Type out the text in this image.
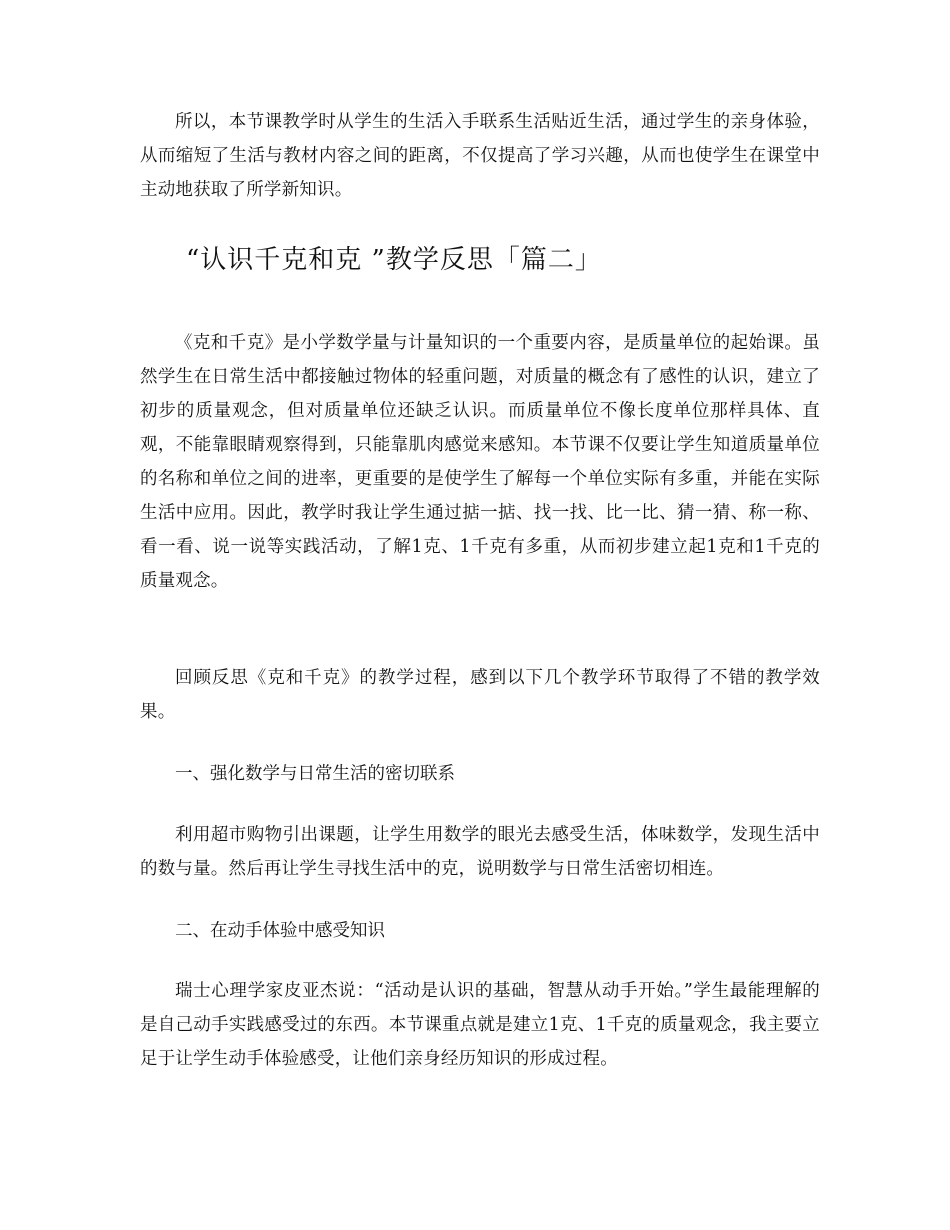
所以，本节课教学时从学生的生活入手联系生活贴近生活，通过学生的亲身体验，从而缩短了生活与教材内容之间的距离，不仅提高了学习兴趣，从而也使学生在课堂中主动地获取了所学新知识。

“认识千克和克 ”教学反思「篇二」

《克和千克》是小学数学量与计量知识的一个重要内容，是质量单位的起始课。虽然学生在日常生活中都接触过物体的轻重问题，对质量的概念有了感性的认识，建立了初步的质量观念，但对质量单位还缺乏认识。而质量单位不像长度单位那样具体、直观，不能靠眼睛观察得到，只能靠肌肉感觉来感知。本节课不仅要让学生知道质量单位的名称和单位之间的进率，更重要的是使学生了解每一个单位实际有多重，并能在实际生活中应用。因此，教学时我让学生通过掂一掂、找一找、比一比、猜一猜、称一称、看一看、说一说等实践活动，了解1克、1千克有多重，从而初步建立起1克和1千克的质量观念。

回顾反思《克和千克》的教学过程，感到以下几个教学环节取得了不错的教学效果。

一、强化数学与日常生活的密切联系

利用超市购物引出课题，让学生用数学的眼光去感受生活，体味数学，发现生活中的数与量。然后再让学生寻找生活中的克，说明数学与日常生活密切相连。

二、在动手体验中感受知识

瑞士心理学家皮亚杰说：“活动是认识的基础，智慧从动手开始。”学生最能理解的是自己动手实践感受过的东西。本节课重点就是建立1克、1千克的质量观念，我主要立足于让学生动手体验感受，让他们亲身经历知识的形成过程。
